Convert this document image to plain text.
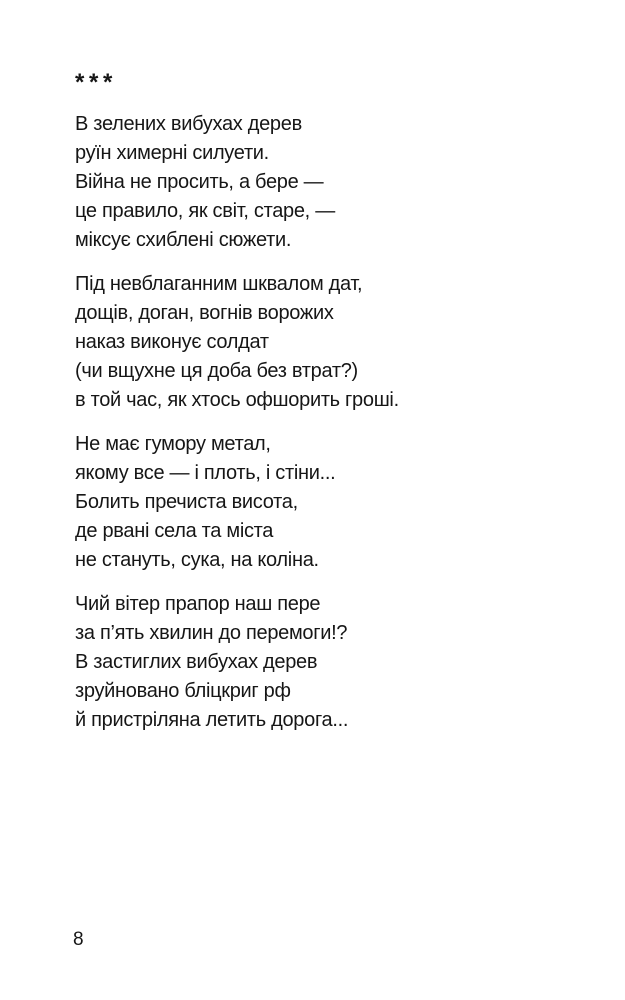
* * *
В зелених вибухах дерев
руїн химерні силуети.
Війна не просить, а бере —
це правило, як світ, старе, —
міксує схиблені сюжети.
Під невблаганним шквалом дат,
дощів, доган, вогнів ворожих
наказ виконує солдат
(чи вщухне ця доба без втрат?)
в той час, як хтось офшорить гроші.
Не має гумору метал,
якому все — і плоть, і стіни...
Болить пречиста висота,
де рвані села та міста
не стануть, сука, на коліна.
Чий вітер прапор наш пере
за п’ять хвилин до перемоги!?
В застиглих вибухах дерев
зруйновано бліцкриг рф
й пристріляна летить дорога...
8
